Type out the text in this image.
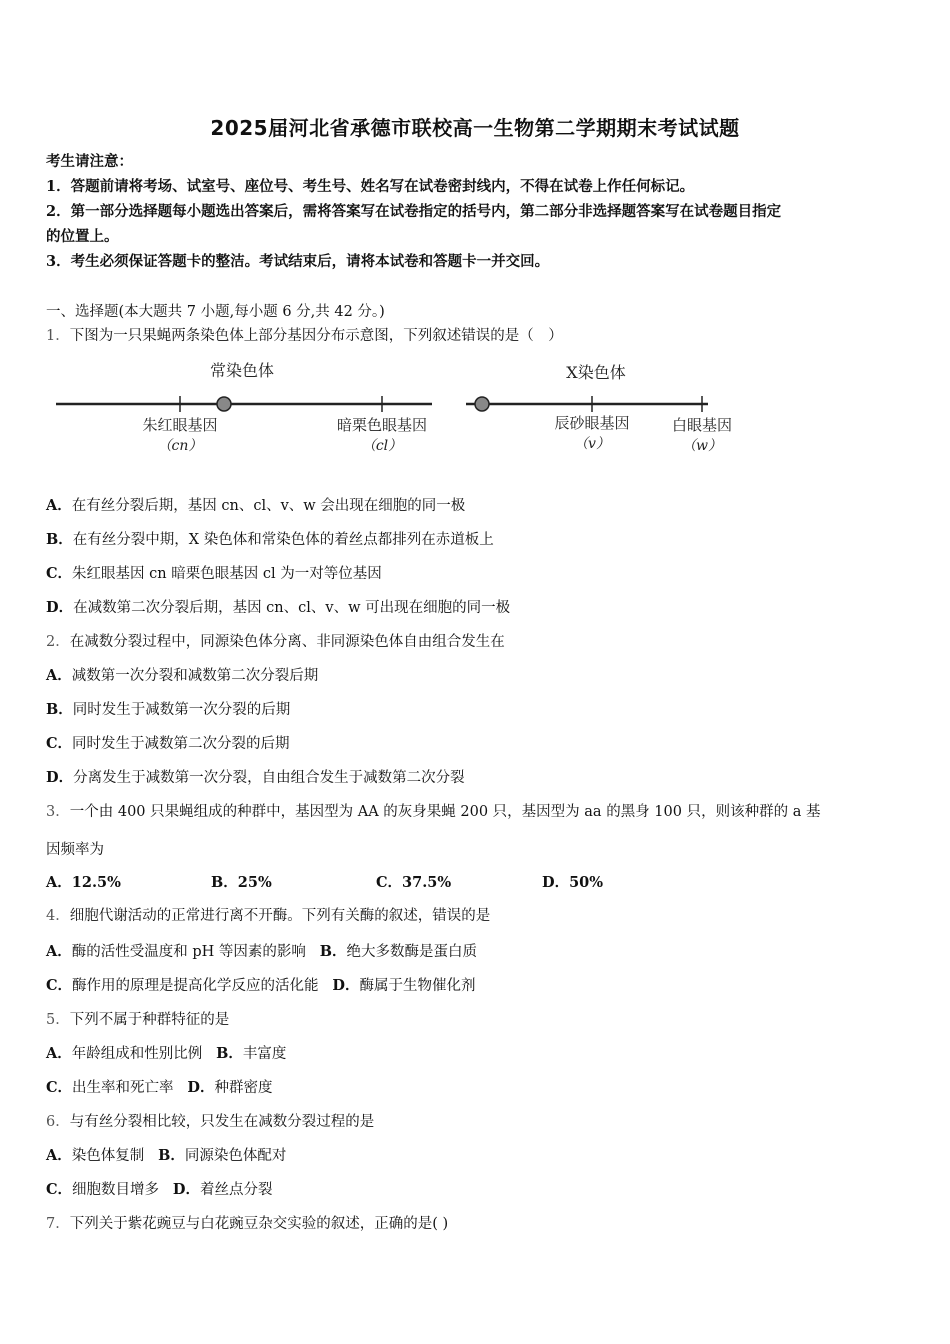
2025届河北省承德市联校高一生物第二学期期末考试试题
考生请注意：
1．答题前请将考场、试室号、座位号、考生号、姓名写在试卷密封线内，不得在试卷上作任何标记。
2．第一部分选择题每小题选出答案后，需将答案写在试卷指定的括号内，第二部分非选择题答案写在试卷题目指定
的位置上。
3．考生必须保证答题卡的整洁。考试结束后，请将本试卷和答题卡一并交回。
一、选择题(本大题共 7 小题,每小题 6 分,共 42 分。)
1．下图为一只果蝇两条染色体上部分基因分布示意图，下列叙述错误的是（　）
常染色体	X染色体
朱红眼基因
（cn）
暗栗色眼基因
（cl）
辰砂眼基因
（v）
白眼基因
（w）
A．在有丝分裂后期，基因 cn、cl、v、w 会出现在细胞的同一极
B．在有丝分裂中期，X 染色体和常染色体的着丝点都排列在赤道板上
C．朱红眼基因 cn 暗栗色眼基因 cl 为一对等位基因
D．在减数第二次分裂后期，基因 cn、cl、v、w 可出现在细胞的同一极
2．在减数分裂过程中，同源染色体分离、非同源染色体自由组合发生在
A．减数第一次分裂和减数第二次分裂后期
B．同时发生于减数第一次分裂的后期
C．同时发生于减数第二次分裂的后期
D．分离发生于减数第一次分裂，自由组合发生于减数第二次分裂
3．一个由 400 只果蝇组成的种群中，基因型为 AA 的灰身果蝇 200 只，基因型为 aa 的黑身 100 只，则该种群的 a 基
因频率为
A．12.5%	B．25%	C．37.5%	D．50%
4．细胞代谢活动的正常进行离不开酶。下列有关酶的叙述，错误的是
A．酶的活性受温度和 pH 等因素的影响 B．绝大多数酶是蛋白质
C．酶作用的原理是提高化学反应的活化能 D．酶属于生物催化剂
5．下列不属于种群特征的是
A．年龄组成和性别比例 B．丰富度
C．出生率和死亡率 D．种群密度
6．与有丝分裂相比较，只发生在减数分裂过程的是
A．染色体复制 B．同源染色体配对
C．细胞数目增多 D．着丝点分裂
7．下列关于紫花豌豆与白花豌豆杂交实验的叙述，正确的是( )
